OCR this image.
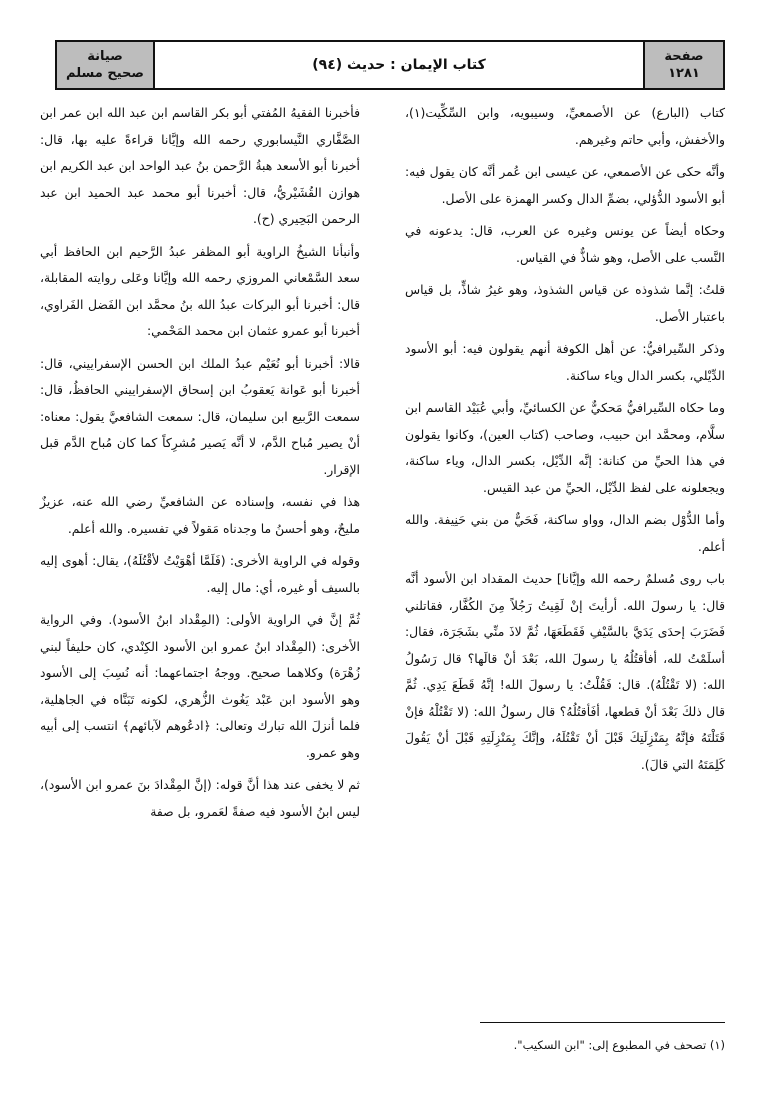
صفحة
١٢٨١
كتاب الإيمان : حديث (٩٤)
صيانة
صحيح مسلم

كتاب (البارع) عن الأصمعيِّ، وسيبويه، وابن السِّكِّيت(١)، والأخفش، وأبي حاتم وغيرهم.

وأنَّه حكى عن الأصمعي، عن عيسى ابن عُمر أنَّه كان يقول فيه: أبو الأسود الدُّؤلي، بضمِّ الدال وكسر الهمزة على الأصل.

وحكاه أيضاً عن يونس وغيره عن العرب، قال: يدعونه في النَّسب على الأصل، وهو شاذٌّ في القياس.

قلتُ: إنَّما شذوذه عن قياس الشذوذ، وهو غيرُ شاذٍّ، بل قياس باعتبار الأصل.

وذكر السِّيرافيُّ: عن أهل الكوفة أنهم يقولون فيه: أبو الأسود الدِّيْلي، بكسر الدال وياء ساكنة.

وما حكاه السِّيرافيُّ مَحكيٌّ عن الكسائيِّ، وأبي عُبَيْد القاسم ابن سلَّام، ومحمَّد ابن حبيب، وصاحب (كتاب العين)، وكانوا يقولون في هذا الحيِّ من كنانة: إنَّه الدِّيْل، بكسر الدال، وياء ساكنة، ويجعلونه على لفظ الدِّيْل، الحيِّ من عبد القيس.

وأما الدُّوْل بضم الدال، وواو ساكنة، فَحَيٌّ من بني حَنِيفة. والله أعلم.

باب روى مُسلمٌ رحمه الله وإيَّانا] حديث المقداد ابن الأسود أنَّه قال: يا رسولَ الله. أرأيتَ إنْ لَقِيتُ رَجُلاً مِنَ الكُفَّار، فقاتلني فَضَرَبَ إحدَى يَدَيَّ بالسَّيْفِ فَقَطَعَهَا، ثُمَّ لاذَ منِّي بشَجَرَة، فقال: أسلَمْتُ لله، أفأقتُلُهُ يا رسولَ الله، بَعْدَ أنْ قالَها؟ قال رَسُولُ الله: (لا تَقْتُلْهُ). قال: فَقُلْتُ: يا رسولَ الله! إنَّهُ قَطَعَ يَدِي. ثُمَّ قال ذلكَ بَعْدَ أنْ قطعها، أفَأقتُلُهُ؟ قال رسولُ الله: (لا تَقْتُلْهُ فإنْ قَتَلْتَهُ فإنَّهُ بِمَنْزِلَتِكَ قَبْلَ أنْ تَقْتُلَهُ، وإنَّكَ بِمَنْزِلَتِهِ قَبْلَ أنْ يَقُولَ كَلِمَتَهُ التي قالَ).

فأخبرنا الفقيهُ المُفتي أبو بكر القاسم ابن عبد الله ابن عمر ابن الصَّفَّاري النَّيسابوري رحمه الله وإيَّانا قراءةً عليه بها، قال: أخبرنا أبو الأسعد هبةُ الرَّحمن بنُ عبد الواحد ابن عبد الكريم ابن هوازن القُشَيْريُّ، قال: أخبرنا أبو محمد عبد الحميد ابن عبد الرحمن البَحِيري (ح).

وأنبأنا الشيخُ الراوية أبو المظفر عبدُ الرَّحيم ابن الحافظ أبي سعد السَّمْعاني المروزي رحمه الله وإيَّانا وعَلى روايته المقابلة، قال: أخبرنا أبو البركات عبدُ الله بنُ محمَّد ابن الفَضل الفَراوي، أخبرنا أبو عمرو عثمان ابن محمد المَحْمي:

قالا: أخبرنا أبو نُعَيْم عبدُ الملك ابن الحسن الإسفراييني، قال: أخبرنا أبو عَوانة يَعقوبُ ابن إسحاق الإسفراييني الحافظُ، قال: سمعت الرَّبيع ابن سليمان، قال: سمعت الشافعيَّ يقول: معناه: أنْ يصير مُباح الدَّم، لا أنَّه يَصير مُشرِكاً كما كان مُباح الدَّم قبل الإقرار.

هذا في نفسه، وإسناده عن الشافعيِّ رضي الله عنه، عزيزٌ مليحٌ، وهو أحسنُ ما وجدناه مَقولاً في تفسيره. والله أعلم.

وقوله في الراوية الأخرى: (فَلَمَّا أهْوَيْتُ لأقْتُلَهُ)، يقال: أهوى إليه بالسيف أو غيره، أي: مال إليه.

ثُمَّ إنَّ في الراوية الأولى: (المِقْداد ابنُ الأسود). وفي الرواية الأخرى: (المِقْداد ابنُ عمرو ابن الأسود الكِنْدي، كان حليفاً لبني زُهْرَة) وكلاهما صحيح. ووجهُ اجتماعهما: أنه نُسِبَ إلى الأسود وهو الأسود ابن عَبْد يَغُوث الزُّهري، لكونه تَبَنَّاه في الجاهلية، فلما أنزلَ الله تبارك وتعالى: ﴿ادعُوهم لآبائهم﴾ انتسب إلى أبيه وهو عمرو.

ثم لا يخفى عند هذا أنَّ قوله: (إنَّ المِقْدادَ بنَ عمرو ابن الأسود)، ليس ابنُ الأسود فيه صفةً لعَمرو، بل صفة

(١) تصحف في المطبوع إلى: "ابن السكيب".
